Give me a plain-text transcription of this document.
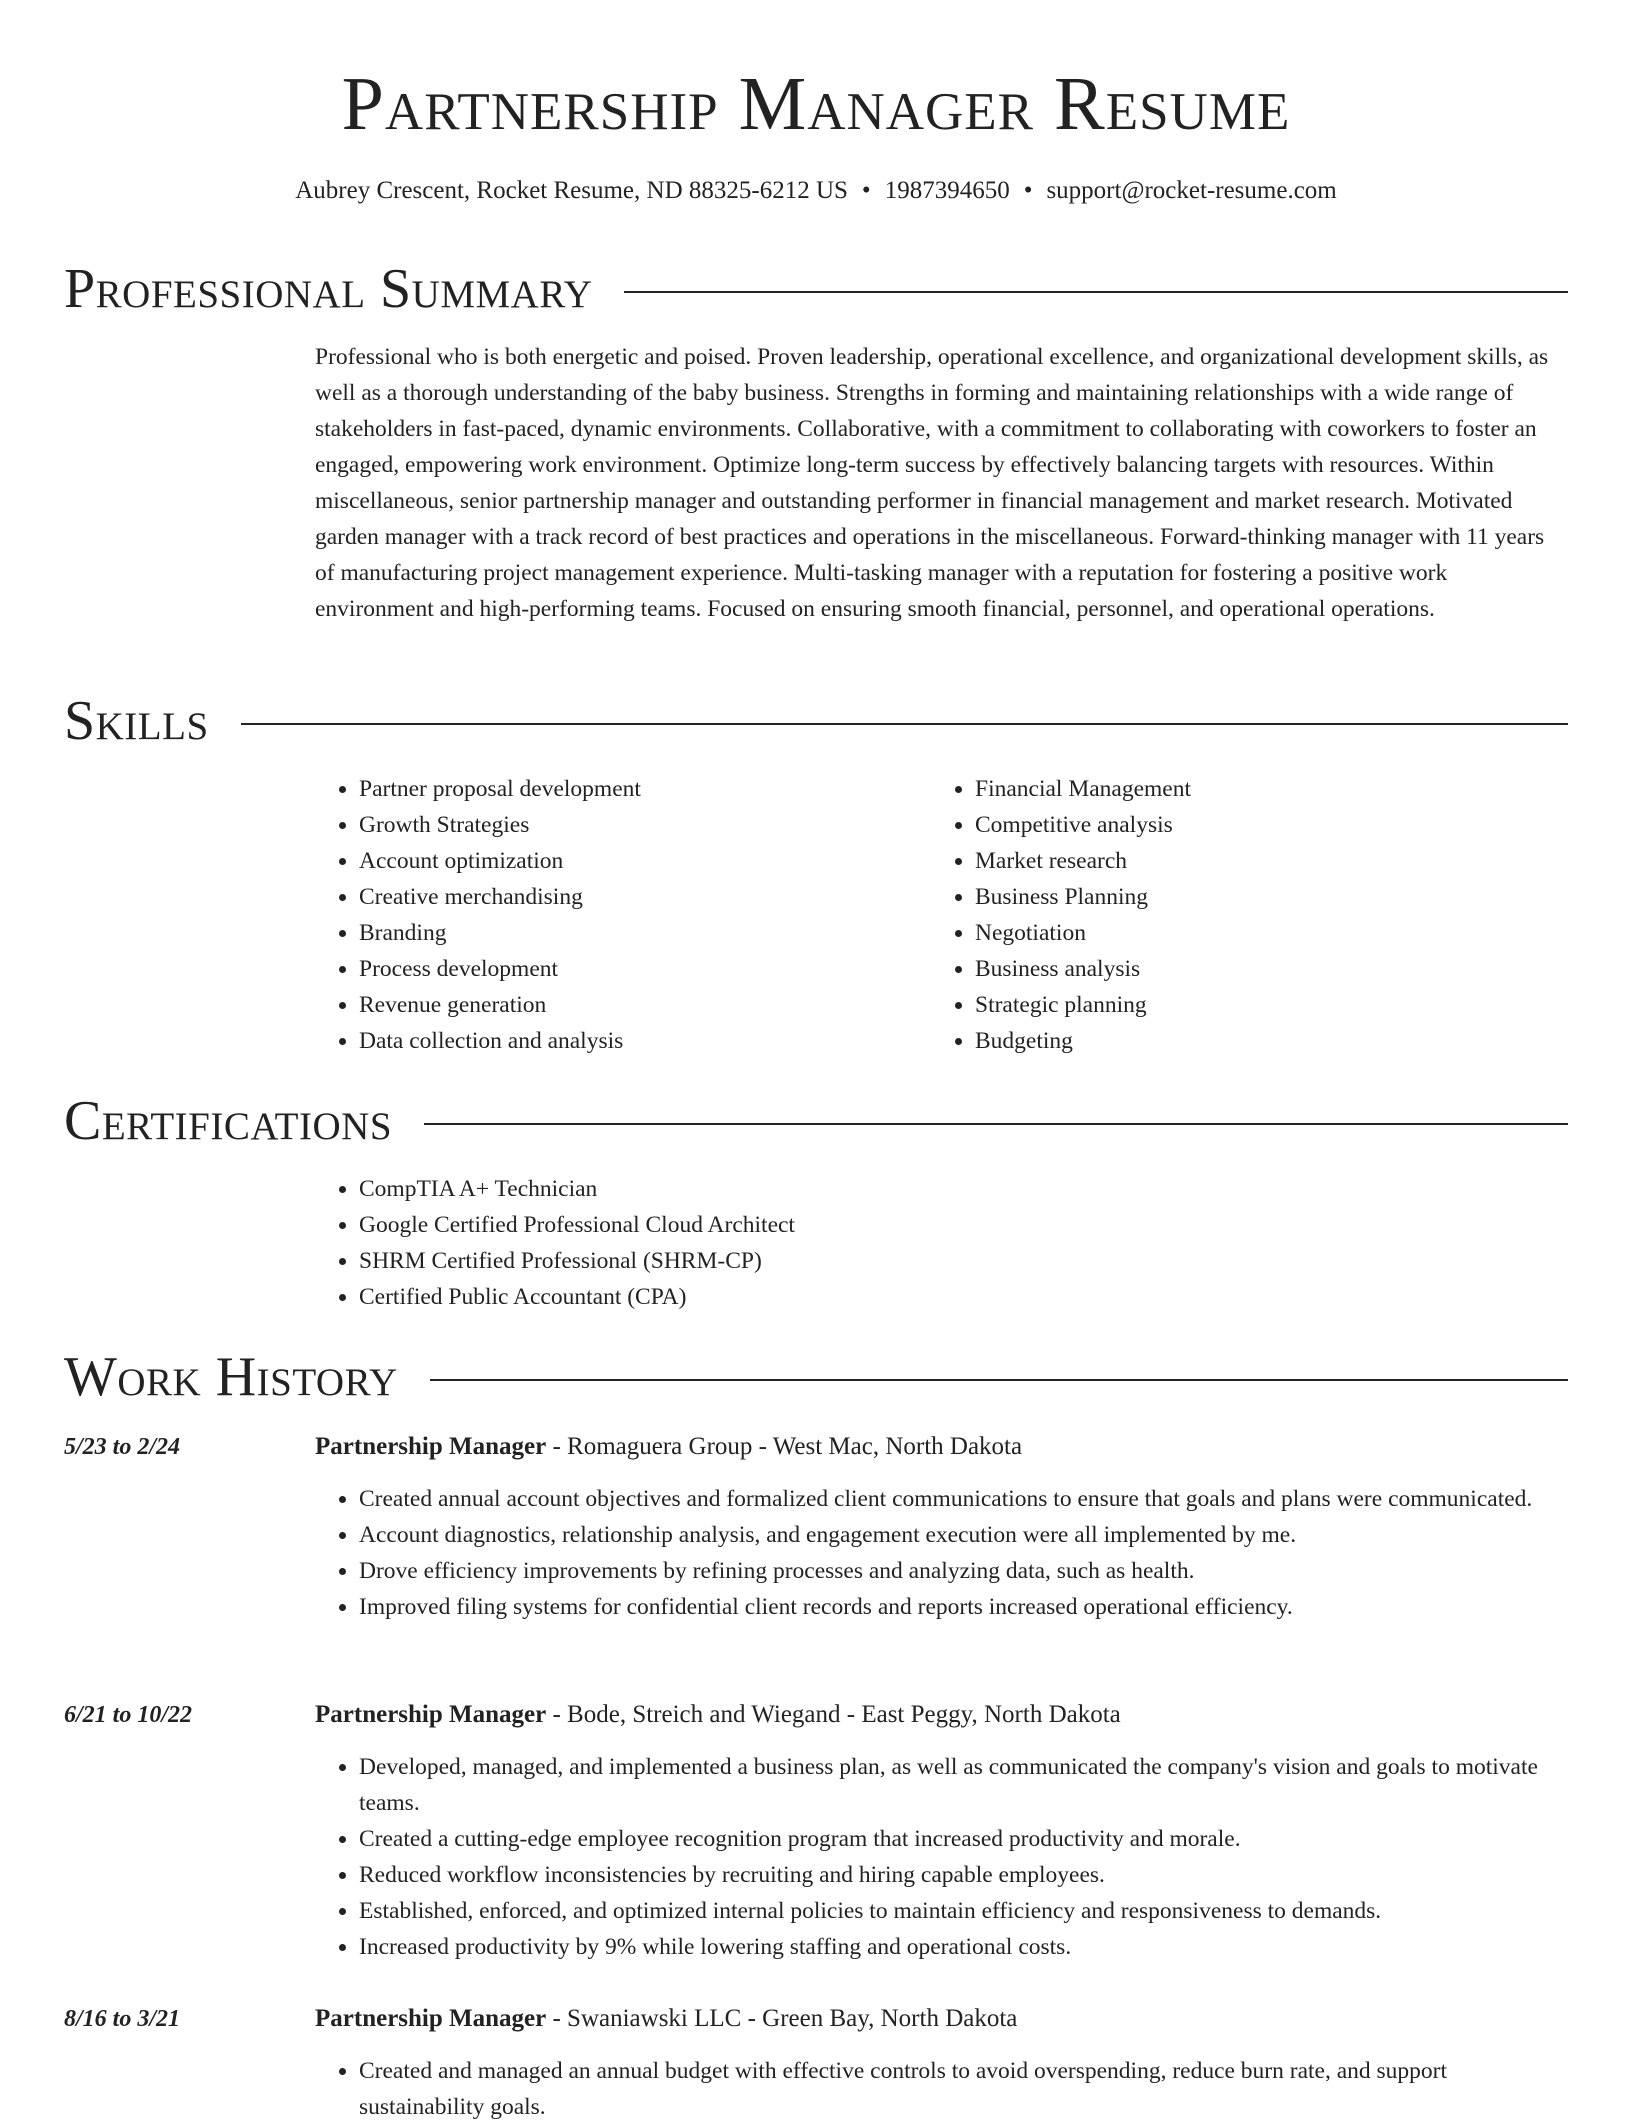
Partnership Manager Resume
Aubrey Crescent, Rocket Resume, ND 88325-6212 US • 1987394650 • support@rocket-resume.com
Professional Summary

Professional who is both energetic and poised. Proven leadership, operational excellence, and organizational development skills, as well as a thorough understanding of the baby business. Strengths in forming and maintaining relationships with a wide range of stakeholders in fast-paced, dynamic environments. Collaborative, with a commitment to collaborating with coworkers to foster an engaged, empowering work environment. Optimize long-term success by effectively balancing targets with resources. Within miscellaneous, senior partnership manager and outstanding performer in financial management and market research. Motivated garden manager with a track record of best practices and operations in the miscellaneous. Forward-thinking manager with 11 years of manufacturing project management experience. Multi-tasking manager with a reputation for fostering a positive work environment and high-performing teams. Focused on ensuring smooth financial, personnel, and operational operations.

Skills
• Partner proposal development
• Growth Strategies
• Account optimization
• Creative merchandising
• Branding
• Process development
• Revenue generation
• Data collection and analysis
• Financial Management
• Competitive analysis
• Market research
• Business Planning
• Negotiation
• Business analysis
• Strategic planning
• Budgeting
Certifications
• CompTIA A+ Technician
• Google Certified Professional Cloud Architect
• SHRM Certified Professional (SHRM-CP)
• Certified Public Accountant (CPA)
Work History
5/23 to 2/24	Partnership Manager - Romaguera Group - West Mac, North Dakota
• Created annual account objectives and formalized client communications to ensure that goals and plans were communicated.
• Account diagnostics, relationship analysis, and engagement execution were all implemented by me.
• Drove efficiency improvements by refining processes and analyzing data, such as health.
• Improved filing systems for confidential client records and reports increased operational efficiency.
6/21 to 10/22	Partnership Manager - Bode, Streich and Wiegand - East Peggy, North Dakota
• Developed, managed, and implemented a business plan, as well as communicated the company's vision and goals to motivate teams.
• Created a cutting-edge employee recognition program that increased productivity and morale.
• Reduced workflow inconsistencies by recruiting and hiring capable employees.
• Established, enforced, and optimized internal policies to maintain efficiency and responsiveness to demands.
• Increased productivity by 9% while lowering staffing and operational costs.
8/16 to 3/21	Partnership Manager - Swaniawski LLC - Green Bay, North Dakota
• Created and managed an annual budget with effective controls to avoid overspending, reduce burn rate, and support sustainability goals.
